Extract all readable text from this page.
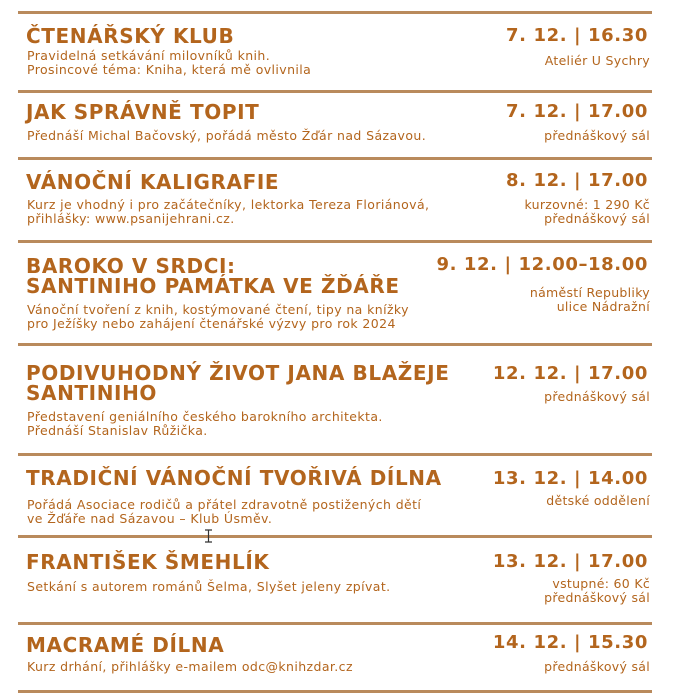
ČTENÁŘSKÝ KLUB
Pravidelná setkávání milovníků knih.
Prosincové téma: Kniha, která mě ovlivnila
7. 12. | 16.30
Ateliér U Sychry
JAK SPRÁVNĚ TOPIT
Přednáší Michal Bačovský, pořádá město Žďár nad Sázavou.
7. 12. | 17.00
přednáškový sál
VÁNOČNÍ KALIGRAFIE
Kurz je vhodný i pro začátečníky, lektorka Tereza Floriánová,
přihlášky: www.psanijehrani.cz.
8. 12. | 17.00
kurzovné: 1 290 Kč
přednáškový sál
BAROKO V SRDCI:
SANTINIHO PAMÁTKA VE ŽĎÁŘE
Vánoční tvoření z knih, kostýmované čtení, tipy na knížky
pro Ježíšky nebo zahájení čtenářské výzvy pro rok 2024
9. 12. | 12.00–18.00
náměstí Republiky
ulice Nádražní
PODIVUHODNÝ ŽIVOT JANA BLAŽEJE
SANTINIHO
Představení geniálního českého barokního architekta.
Přednáší Stanislav Růžička.
12. 12. | 17.00
přednáškový sál
TRADIČNÍ VÁNOČNÍ TVOŘIVÁ DÍLNA
Pořádá Asociace rodičů a přátel zdravotně postižených dětí
ve Žďáře nad Sázavou – Klub Úsměv.
13. 12. | 14.00
dětské oddělení
FRANTIŠEK ŠMEHLÍK
Setkání s autorem románů Šelma, Slyšet jeleny zpívat.
13. 12. | 17.00
vstupné: 60 Kč
přednáškový sál
MACRAMÉ DÍLNA
Kurz drhání, přihlášky e-mailem odc@knihzdar.cz
14. 12. | 15.30
přednáškový sál
